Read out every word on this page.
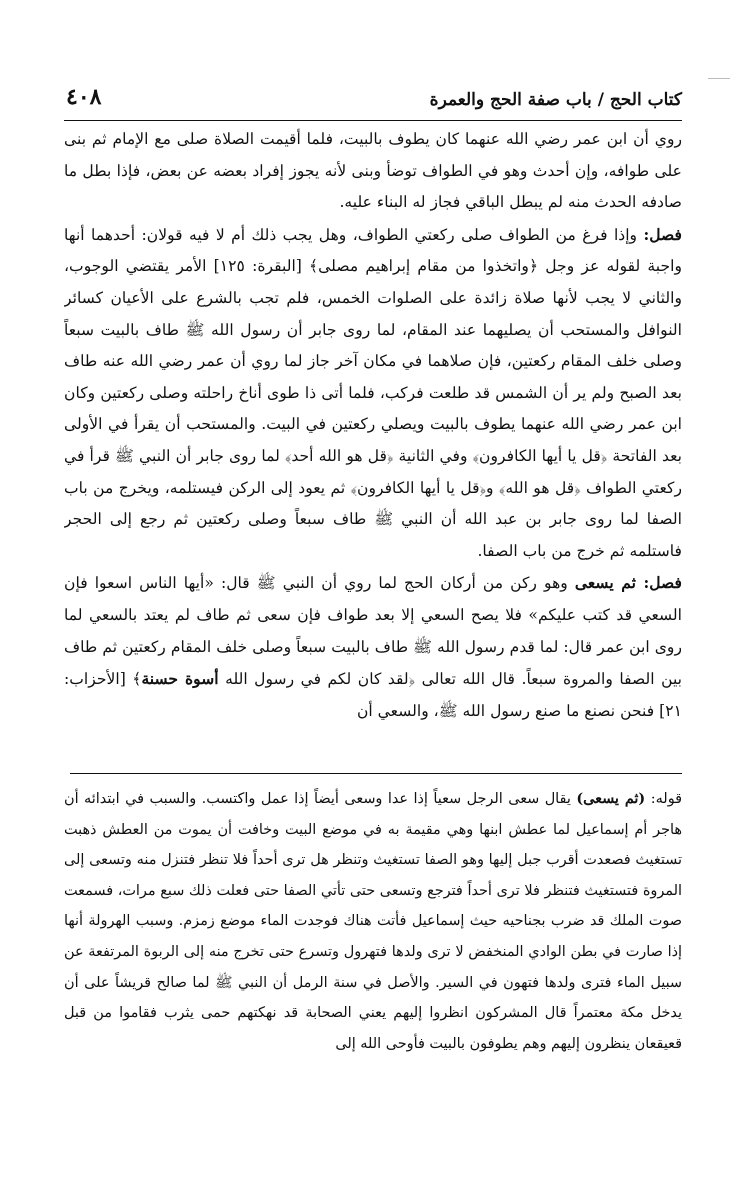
كتاب الحج / باب صفة الحج والعمرة
٤٠٨

روي أن ابن عمر رضي الله عنهما كان يطوف بالبيت، فلما أقيمت الصلاة صلى مع الإمام ثم بنى على طوافه، وإن أحدث وهو في الطواف توضأ وبنى لأنه يجوز إفراد بعضه عن بعض، فإذا بطل ما صادفه الحدث منه لم يبطل الباقي فجاز له البناء عليه.

فصل: وإذا فرغ من الطواف صلى ركعتي الطواف، وهل يجب ذلك أم لا فيه قولان: أحدهما أنها واجبة لقوله عز وجل ﴿واتخذوا من مقام إبراهيم مصلى﴾ [البقرة: ١٢٥] الأمر يقتضي الوجوب، والثاني لا يجب لأنها صلاة زائدة على الصلوات الخمس، فلم تجب بالشرع على الأعيان كسائر النوافل والمستحب أن يصليهما عند المقام، لما روى جابر أن رسول الله ﷺ طاف بالبيت سبعاً وصلى خلف المقام ركعتين، فإن صلاهما في مكان آخر جاز لما روي أن عمر رضي الله عنه طاف بعد الصبح ولم ير أن الشمس قد طلعت فركب، فلما أتى ذا طوى أناخ راحلته وصلى ركعتين وكان ابن عمر رضي الله عنهما يطوف بالبيت ويصلي ركعتين في البيت. والمستحب أن يقرأ في الأولى بعد الفاتحة ﴿قل يا أيها الكافرون﴾ وفي الثانية ﴿قل هو الله أحد﴾ لما روى جابر أن النبي ﷺ قرأ في ركعتي الطواف ﴿قل هو الله﴾ و﴿قل يا أيها الكافرون﴾ ثم يعود إلى الركن فيستلمه، ويخرج من باب الصفا لما روى جابر بن عبد الله أن النبي ﷺ طاف سبعاً وصلى ركعتين ثم رجع إلى الحجر فاستلمه ثم خرج من باب الصفا.

فصل: ثم يسعى وهو ركن من أركان الحج لما روي أن النبي ﷺ قال: «أيها الناس اسعوا فإن السعي قد كتب عليكم» فلا يصح السعي إلا بعد طواف فإن سعى ثم طاف لم يعتد بالسعي لما روى ابن عمر قال: لما قدم رسول الله ﷺ طاف بالبيت سبعاً وصلى خلف المقام ركعتين ثم طاف بين الصفا والمروة سبعاً. قال الله تعالى ﴿لقد كان لكم في رسول الله أسوة حسنة﴾ [الأحزاب: ٢١] فنحن نصنع ما صنع رسول الله ﷺ، والسعي أن

قوله: (ثم يسعى) يقال سعى الرجل سعياً إذا عدا وسعى أيضاً إذا عمل واكتسب. والسبب في ابتدائه أن هاجر أم إسماعيل لما عطش ابنها وهي مقيمة به في موضع البيت وخافت أن يموت من العطش ذهبت تستغيث فصعدت أقرب جبل إليها وهو الصفا تستغيث وتنظر هل ترى أحداً فلا تنظر فتنزل منه وتسعى إلى المروة فتستغيث فتنظر فلا ترى أحداً فترجع وتسعى حتى تأتي الصفا حتى فعلت ذلك سبع مرات، فسمعت صوت الملك قد ضرب بجناحيه حيث إسماعيل فأتت هناك فوجدت الماء موضع زمزم. وسبب الهرولة أنها إذا صارت في بطن الوادي المنخفض لا ترى ولدها فتهرول وتسرع حتى تخرج منه إلى الربوة المرتفعة عن سبيل الماء فترى ولدها فتهون في السير. والأصل في سنة الرمل أن النبي ﷺ لما صالح قريشاً على أن يدخل مكة معتمراً قال المشركون انظروا إليهم يعني الصحابة قد نهكتهم حمى يثرب فقاموا من قبل قعيقعان ينظرون إليهم وهم يطوفون بالبيت فأوحى الله إلى
